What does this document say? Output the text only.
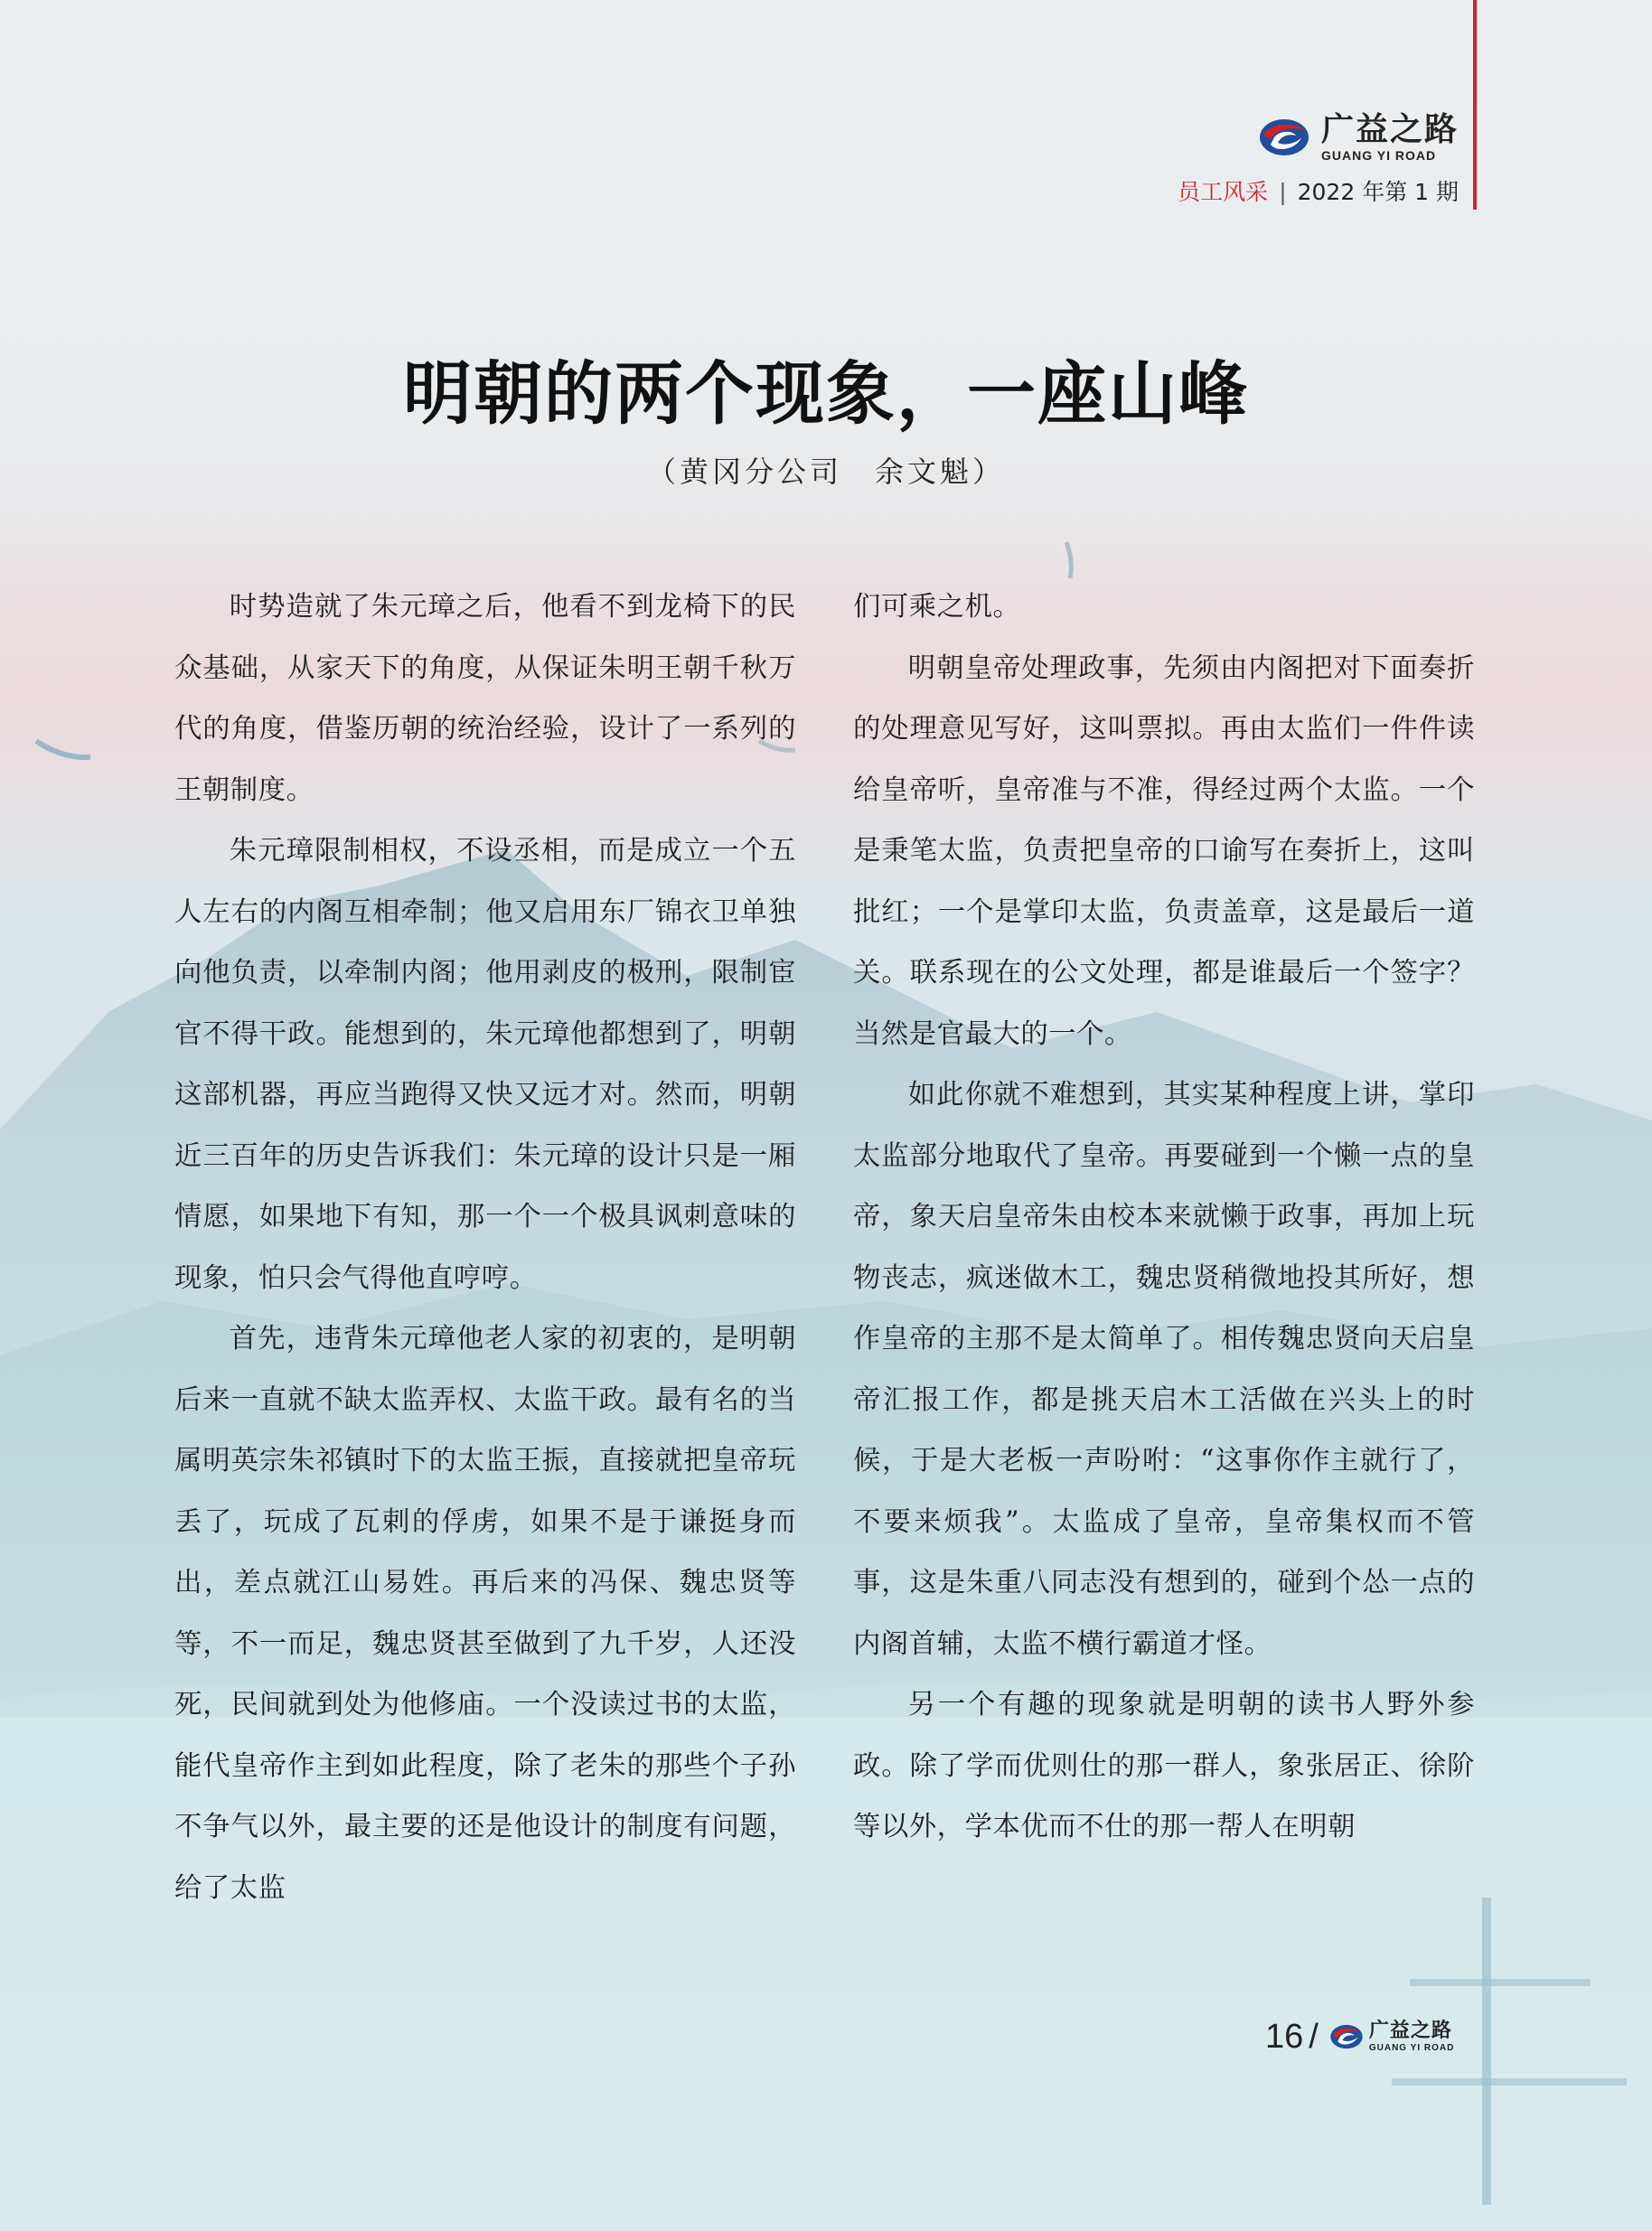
广益之路
GUANG YI ROAD
员工风采 | 2022 年第 1 期
明朝的两个现象，一座山峰
（黄冈分公司　余文魁）

时势造就了朱元璋之后，他看不到龙椅下的民众基础，从家天下的角度，从保证朱明王朝千秋万代的角度，借鉴历朝的统治经验，设计了一系列的王朝制度。

朱元璋限制相权，不设丞相，而是成立一个五人左右的内阁互相牵制；他又启用东厂锦衣卫单独向他负责，以牵制内阁；他用剥皮的极刑，限制宦官不得干政。能想到的，朱元璋他都想到了，明朝这部机器，再应当跑得又快又远才对。然而，明朝近三百年的历史告诉我们：朱元璋的设计只是一厢情愿，如果地下有知，那一个一个极具讽刺意味的现象，怕只会气得他直哼哼。

首先，违背朱元璋他老人家的初衷的，是明朝后来一直就不缺太监弄权、太监干政。最有名的当属明英宗朱祁镇时下的太监王振，直接就把皇帝玩丢了，玩成了瓦剌的俘虏，如果不是于谦挺身而出，差点就江山易姓。再后来的冯保、魏忠贤等等，不一而足，魏忠贤甚至做到了九千岁，人还没死，民间就到处为他修庙。一个没读过书的太监，能代皇帝作主到如此程度，除了老朱的那些个子孙不争气以外，最主要的还是他设计的制度有问题，给了太监

们可乘之机。

明朝皇帝处理政事，先须由内阁把对下面奏折的处理意见写好，这叫票拟。再由太监们一件件读给皇帝听，皇帝准与不准，得经过两个太监。一个是秉笔太监，负责把皇帝的口谕写在奏折上，这叫批红；一个是掌印太监，负责盖章，这是最后一道关。联系现在的公文处理，都是谁最后一个签字？当然是官最大的一个。

如此你就不难想到，其实某种程度上讲，掌印太监部分地取代了皇帝。再要碰到一个懒一点的皇帝，象天启皇帝朱由校本来就懒于政事，再加上玩物丧志，疯迷做木工，魏忠贤稍微地投其所好，想作皇帝的主那不是太简单了。相传魏忠贤向天启皇帝汇报工作，都是挑天启木工活做在兴头上的时候，于是大老板一声吩咐：“这事你作主就行了，不要来烦我”。太监成了皇帝，皇帝集权而不管事，这是朱重八同志没有想到的，碰到个怂一点的内阁首辅，太监不横行霸道才怪。

另一个有趣的现象就是明朝的读书人野外参政。除了学而优则仕的那一群人，象张居正、徐阶等以外，学本优而不仕的那一帮人在明朝

16 /	广益之路
GUANG YI ROAD
